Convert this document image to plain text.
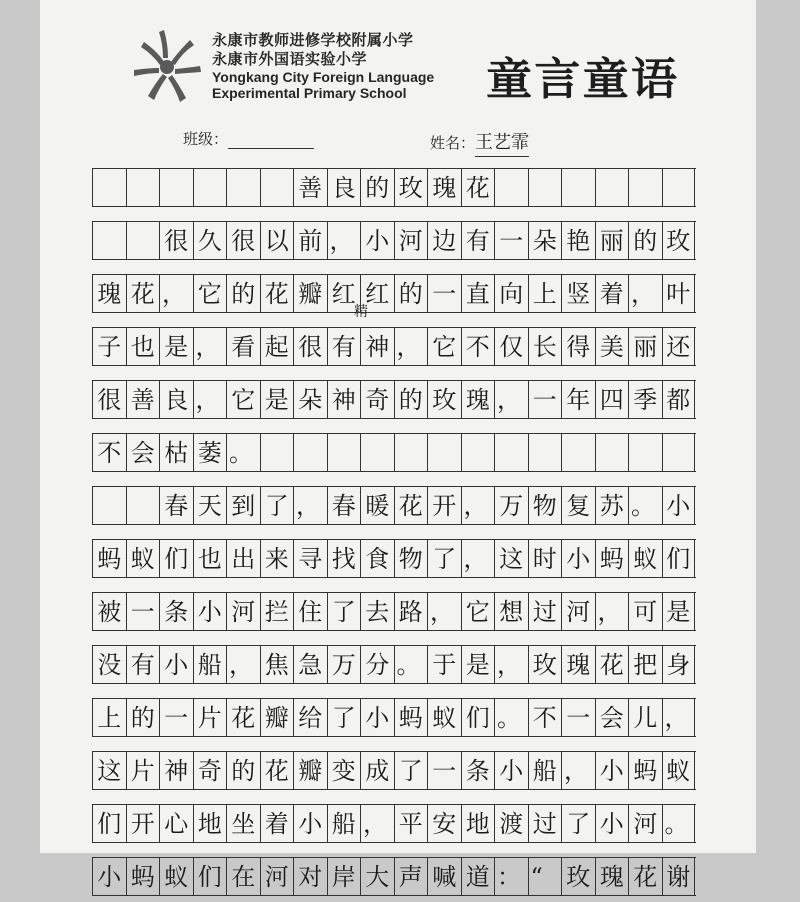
永康市教师进修学校附属小学
永康市外国语实验小学
Yongkang City Foreign Language
Experimental Primary School	童言童语
班级：	姓名：王艺霏
善 良 的 玫 瑰 花
很 久 很 以 前 ， 小 河 边 有 一 朵 艳 丽 的 玫
瑰 花 ， 它 的 花 瓣 红 红 的 一 直 向 上 竖 着 ， 叶
子 也 是 ， 看 起 很 有 神 ， 它 不 仅 长 得 美 丽 还
很 善 良 ， 它 是 朵 神 奇 的 玫 瑰 ， 一 年 四 季 都
不 会 枯 萎 。
春 天 到 了 ， 春 暖 花 开 ， 万 物 复 苏 。 小
蚂 蚁 们 也 出 来 寻 找 食 物 了 ， 这 时 小 蚂 蚁 们
被 一 条 小 河 拦 住 了 去 路 ， 它 想 过 河 ， 可 是
没 有 小 船 ， 焦 急 万 分 。 于 是 ， 玫 瑰 花 把 身
上 的 一 片 花 瓣 给 了 小 蚂 蚁 们 。 不 一 会 儿 ，
这 片 神 奇 的 花 瓣 变 成 了 一 条 小 船 ， 小 蚂 蚁
们 开 心 地 坐 着 小 船 ， 平 安 地 渡 过 了 小 河 。
小 蚂 蚁 们 在 河 对 岸 大 声 喊 道 ： “ 玫 瑰 花 谢
精
